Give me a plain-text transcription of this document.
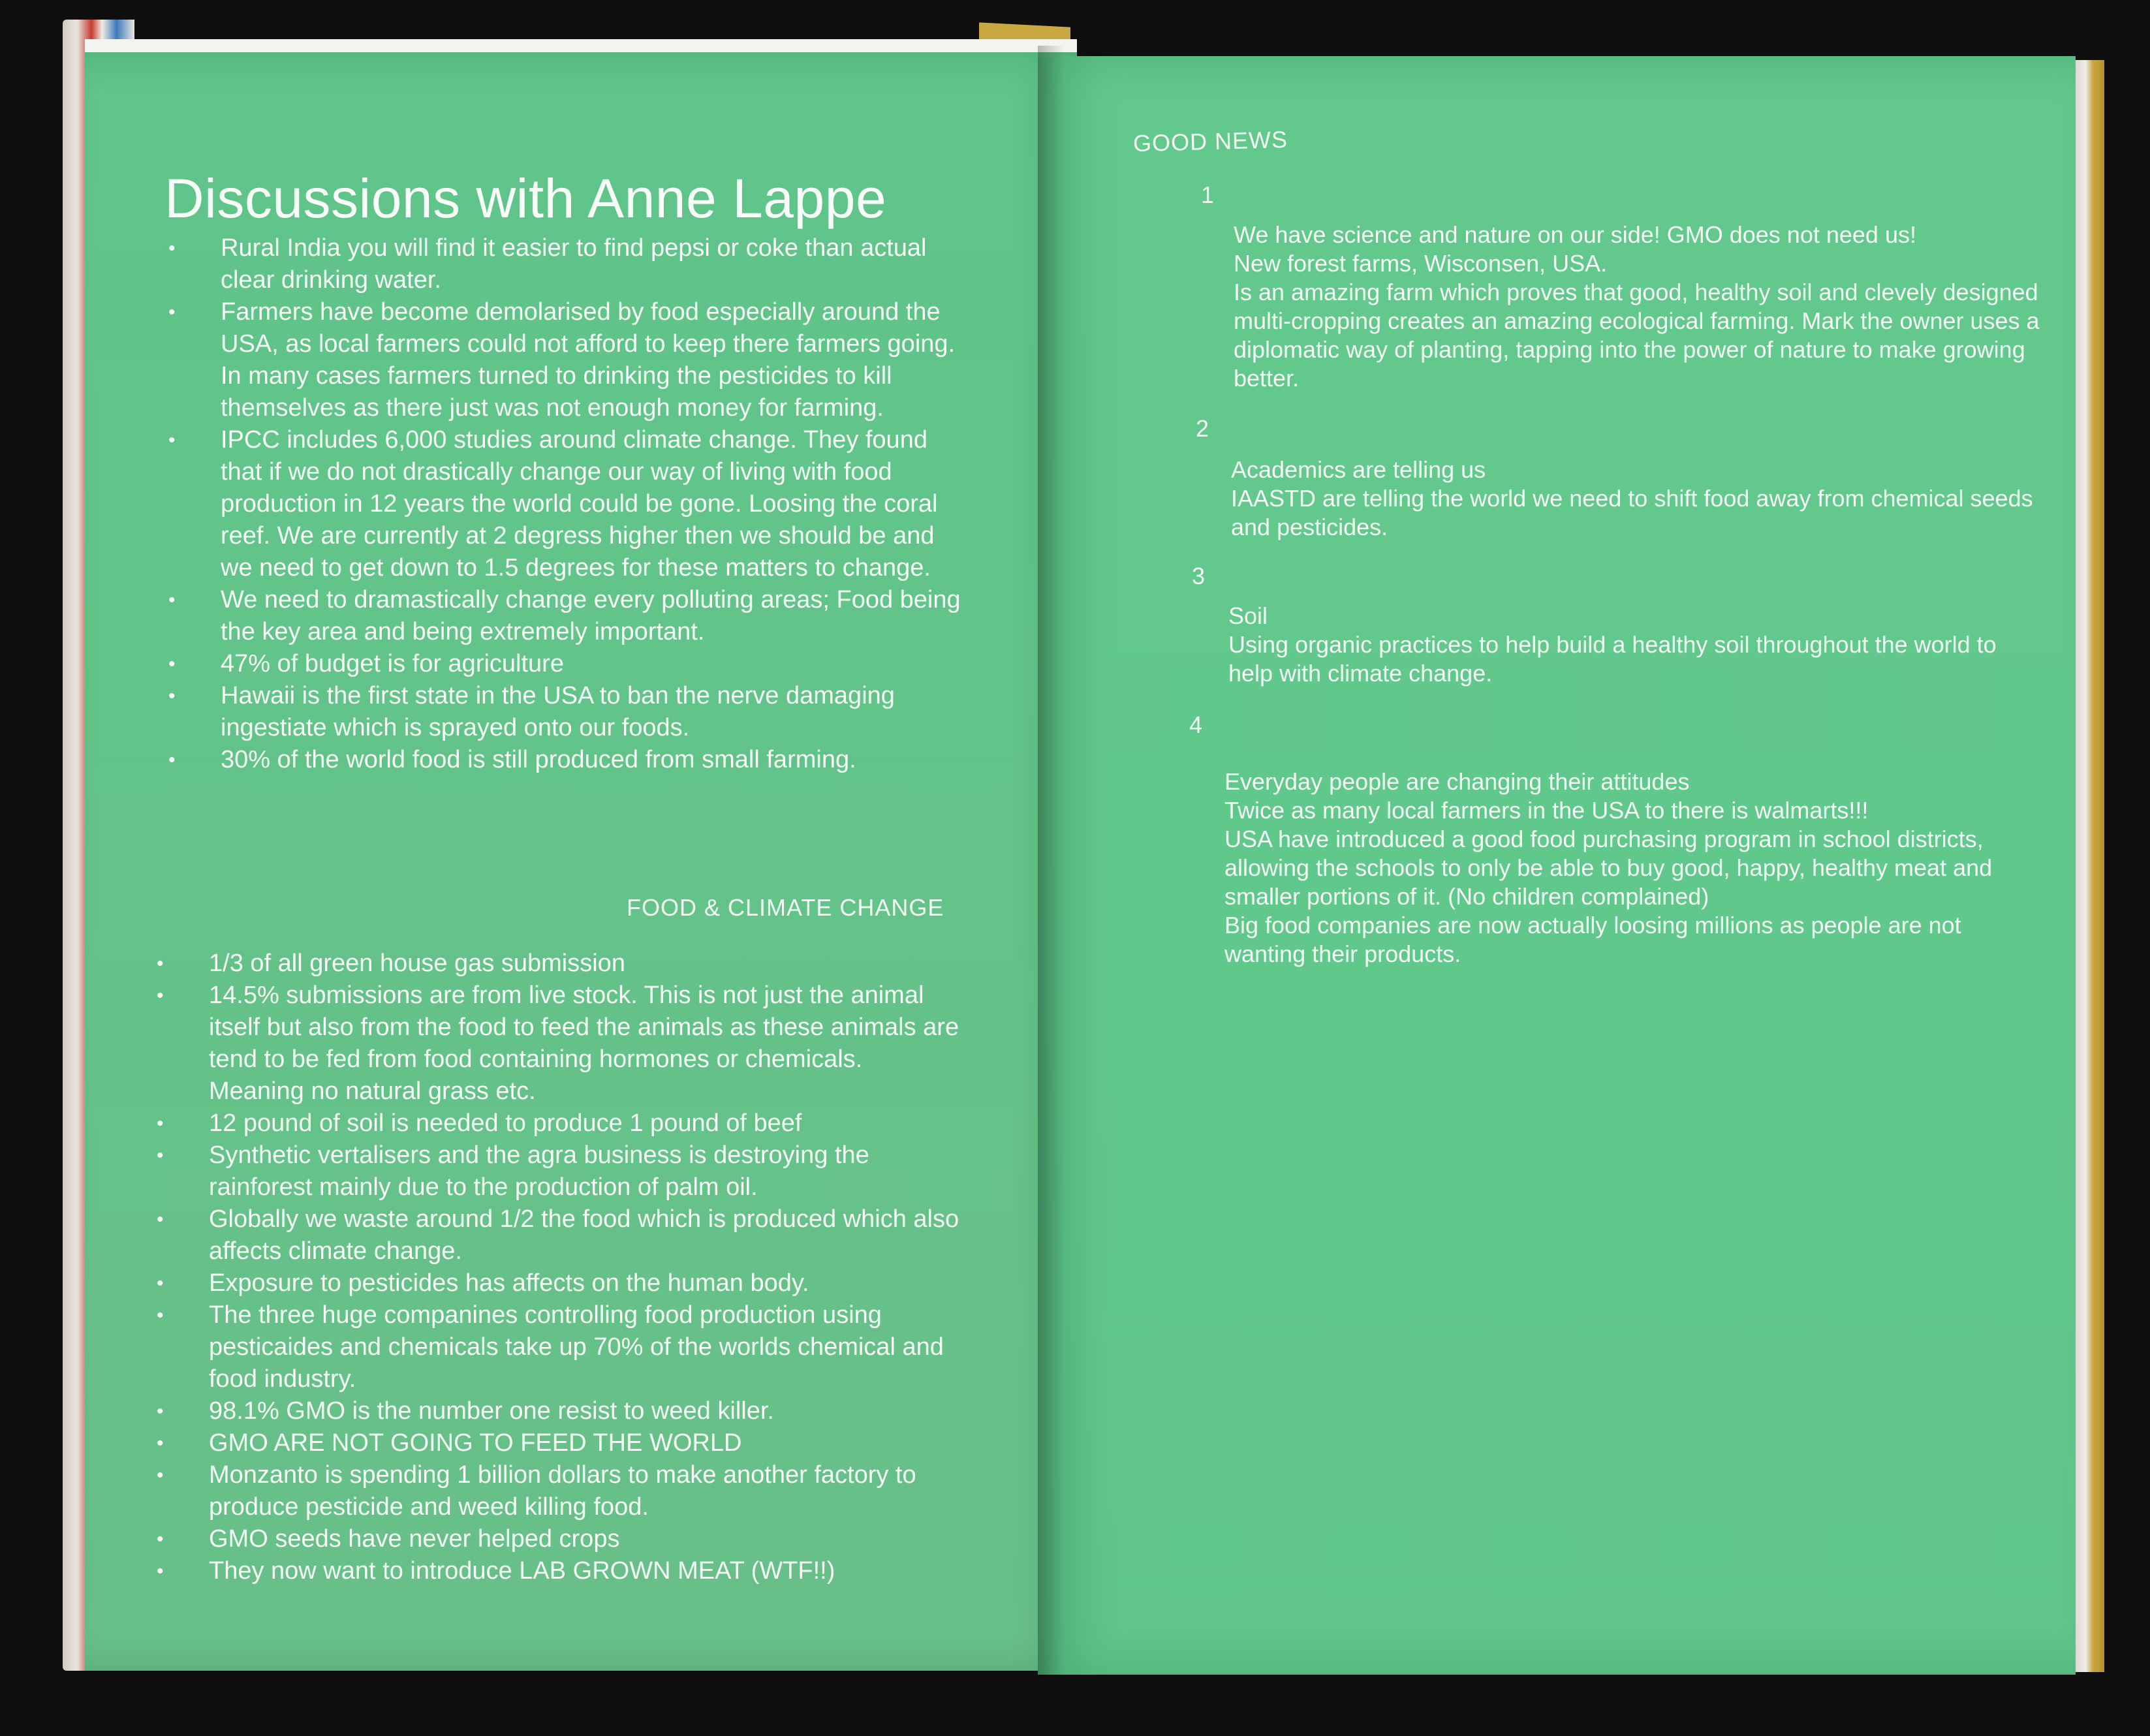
Discussions with Anne Lappe
• Rural India you will find it easier to find pepsi or coke than actual clear drinking water.
• Farmers have become demolarised by food especially around the USA, as local farmers could not afford to keep there farmers going. In many cases farmers turned to drinking the pesticides to kill themselves as there just was not enough money for farming.
• IPCC includes 6,000 studies around climate change. They found that if we do not drastically change our way of living with food production in 12 years the world could be gone. Loosing the coral reef. We are currently at 2 degress higher then we should be and we need to get down to 1.5 degrees for these matters to change.
• We need to dramastically change every polluting areas; Food being the key area and being extremely important.
• 47% of budget is for agriculture
• Hawaii is the first state in the USA to ban the nerve damaging ingestiate which is sprayed onto our foods.
• 30% of the world food is still produced from small farming.
FOOD & CLIMATE CHANGE
• 1/3 of all green house gas submission
• 14.5% submissions are from live stock. This is not just the animal itself but also from the food to feed the animals as these animals are tend to be fed from food containing hormones or chemicals. Meaning no natural grass etc.
• 12 pound of soil is needed to produce 1 pound of beef
• Synthetic vertalisers and the agra business is destroying the rainforest mainly due to the production of palm oil.
• Globally we waste around 1/2 the food which is produced which also affects climate change.
• Exposure to pesticides has affects on the human body.
• The three huge companines controlling food production using pesticaides and chemicals take up 70% of the worlds chemical and food industry.
• 98.1% GMO is the number one resist to weed killer.
• GMO ARE NOT GOING TO FEED THE WORLD
• Monzanto is spending 1 billion dollars to make another factory to produce pesticide and weed killing food.
• GMO seeds have never helped crops
• They now want to introduce LAB GROWN MEAT (WTF!!)
GOOD NEWS
1

We have science and nature on our side! GMO does not need us!

New forest farms, Wisconsen, USA.

Is an amazing farm which proves that good, healthy soil and clevely designed multi-cropping creates an amazing ecological farming. Mark the owner uses a diplomatic way of planting, tapping into the power of nature to make growing better.

2

Academics are telling us

IAASTD are telling the world we need to shift food away from chemical seeds and pesticides.

3

Soil

Using organic practices to help build a healthy soil throughout the world to help with climate change.

4

Everyday people are changing their attitudes

Twice as many local farmers in the USA to there is walmarts!!!

USA have introduced a good food purchasing program in school districts, allowing the schools to only be able to buy good, happy, healthy meat and smaller portions of it. (No children complained)

Big food companies are now actually loosing millions as people are not wanting their products.
